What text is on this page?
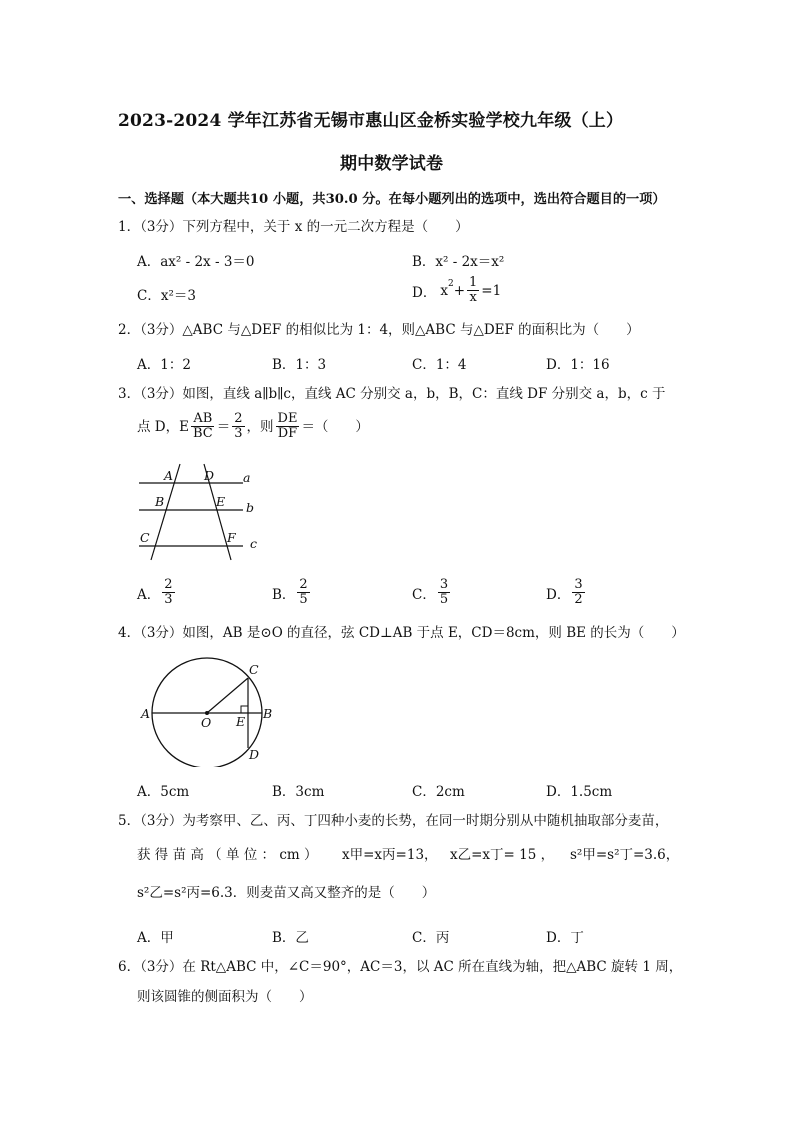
2023-2024 学年江苏省无锡市惠山区金桥实验学校九年级（上）
期中数学试卷
一、选择题（本大题共10 小题，共30.0 分。在每小题列出的选项中，选出符合题目的一项）
1．（3分）下列方程中，关于 x 的一元二次方程是（　　）
A．ax² - 2x - 3＝0	B．x² - 2x＝x²
C．x²＝3	D． $x^2 + \frac{1}{x} =1$
2．（3分）△ABC 与△DEF 的相似比为 1：4，则△ABC 与△DEF 的面积比为（　　）
A．1：2	B．1：3	C．1：4	D．1：16
3．（3分）如图，直线 a∥b∥c，直线 AC 分别交 a，b，B，C：直线 DF 分别交 a，b，c 于
点 D，E $\frac{AB}{BC} = \frac{2}{3}$ ，则 $\frac{DE}{DF}$ ＝（　　）
A D a
B	E b
C	F c
A． $\frac{2}{3}$	B． $\frac{2}{5}$	C． $\frac{3}{5}$	D． $\frac{3}{2}$
4．（3分）如图，AB 是⊙O 的直径，弦 CD⊥AB 于点 E，CD＝8cm，则 BE 的长为（　　）
A
O E
B
C
D
A．5cm	B．3cm	C．2cm	D．1.5cm
5．（3分）为考察甲、乙、丙、丁四种小麦的长势，在同一时期分别从中随机抽取部分麦苗，
获 得 苗 高 （ 单 位 ： cm ） x甲=x丙=13， x乙=x丁= 15 ， s²甲=s²丁=3.6，
s²乙=s²丙=6.3．则麦苗又高又整齐的是（　　）
A．甲	B．乙	C．丙	D．丁
6．（3分）在 Rt△ABC 中，∠C＝90°，AC＝3，以 AC 所在直线为轴，把△ABC 旋转 1 周，
则该圆锥的侧面积为（　　）
